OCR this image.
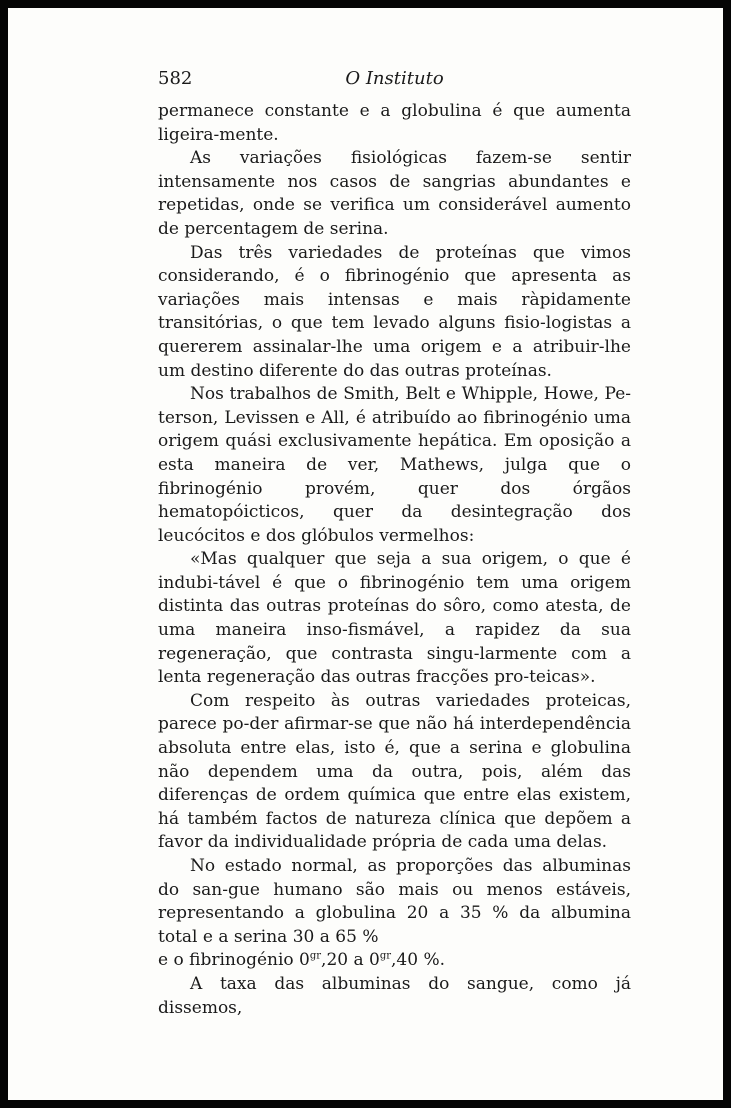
582	O Instituto

permanece constante e a globulina é que aumenta ligeira-mente.

As variações fisiológicas fazem-se sentir intensamente nos casos de sangrias abundantes e repetidas, onde se verifica um considerável aumento de percentagem de serina.

Das três variedades de proteínas que vimos considerando, é o fibrinogénio que apresenta as variações mais intensas e mais ràpidamente transitórias, o que tem levado alguns fisio-logistas a quererem assinalar-lhe uma origem e a atribuir-lhe um destino diferente do das outras proteínas.

Nos trabalhos de Smith, Belt e Whipple, Howe, Pe-terson, Levissen e All, é atribuído ao fibrinogénio uma origem quási exclusivamente hepática. Em oposição a esta maneira de ver, Mathews, julga que o fibrinogénio provém, quer dos órgãos hematopóicticos, quer da desintegração dos leucócitos e dos glóbulos vermelhos:

«Mas qualquer que seja a sua origem, o que é indubi-tável é que o fibrinogénio tem uma origem distinta das outras proteínas do sôro, como atesta, de uma maneira inso-fismável, a rapidez da sua regeneração, que contrasta singu-larmente com a lenta regeneração das outras fracções pro-teicas».

Com respeito às outras variedades proteicas, parece po-der afirmar-se que não há interdependência absoluta entre elas, isto é, que a serina e globulina não dependem uma da outra, pois, além das diferenças de ordem química que entre elas existem, há também factos de natureza clínica que depõem a favor da individualidade própria de cada uma delas.

No estado normal, as proporções das albuminas do san-gue humano são mais ou menos estáveis, representando a globulina 20 a 35 % da albumina total e a serina 30 a 65 %
e o fibrinogénio $0^{gr},20$ a $0^{gr},40$ %.

A taxa das albuminas do sangue, como já dissemos,
